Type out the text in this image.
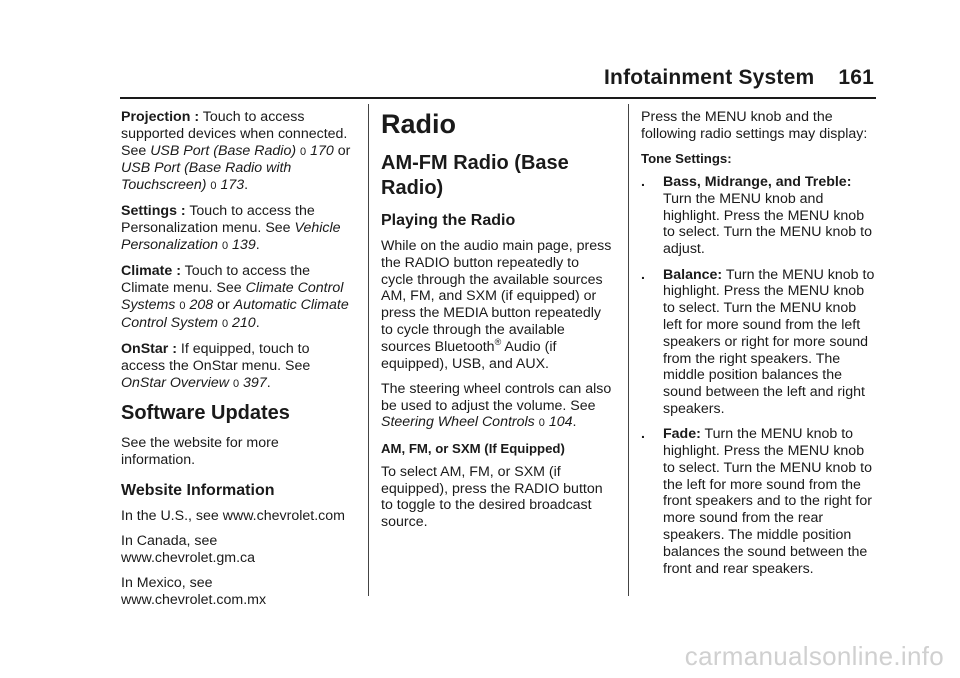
Infotainment System 161

Projection : Touch to access supported devices when connected. See USB Port (Base Radio) 0 170 or USB Port (Base Radio with Touchscreen) 0 173.

Settings : Touch to access the Personalization menu. See Vehicle Personalization 0 139.

Climate : Touch to access the Climate menu. See Climate Control Systems 0 208 or Automatic Climate Control System 0 210.

OnStar : If equipped, touch to access the OnStar menu. See OnStar Overview 0 397.

Software Updates

See the website for more information.

Website Information

In the U.S., see www.chevrolet.com

In Canada, see www.chevrolet.gm.ca

In Mexico, see www.chevrolet.com.mx

Radio
AM-FM Radio (Base Radio)
Playing the Radio

While on the audio main page, press the RADIO button repeatedly to cycle through the available sources AM, FM, and SXM (if equipped) or press the MEDIA button repeatedly to cycle through the available sources Bluetooth® Audio (if equipped), USB, and AUX.

The steering wheel controls can also be used to adjust the volume. See Steering Wheel Controls 0 104.

AM, FM, or SXM (If Equipped)

To select AM, FM, or SXM (if equipped), press the RADIO button to toggle to the desired broadcast source.

Press the MENU knob and the following radio settings may display:

Tone Settings:
.	Bass, Midrange, and Treble: Turn the MENU knob and highlight. Press the MENU knob to select. Turn the MENU knob to adjust.
.	Balance: Turn the MENU knob to highlight. Press the MENU knob to select. Turn the MENU knob left for more sound from the left speakers or right for more sound from the right speakers. The middle position balances the sound between the left and right speakers.
.	Fade: Turn the MENU knob to highlight. Press the MENU knob to select. Turn the MENU knob to the left for more sound from the front speakers and to the right for more sound from the rear speakers. The middle position balances the sound between the front and rear speakers.
carmanualsonline.info
